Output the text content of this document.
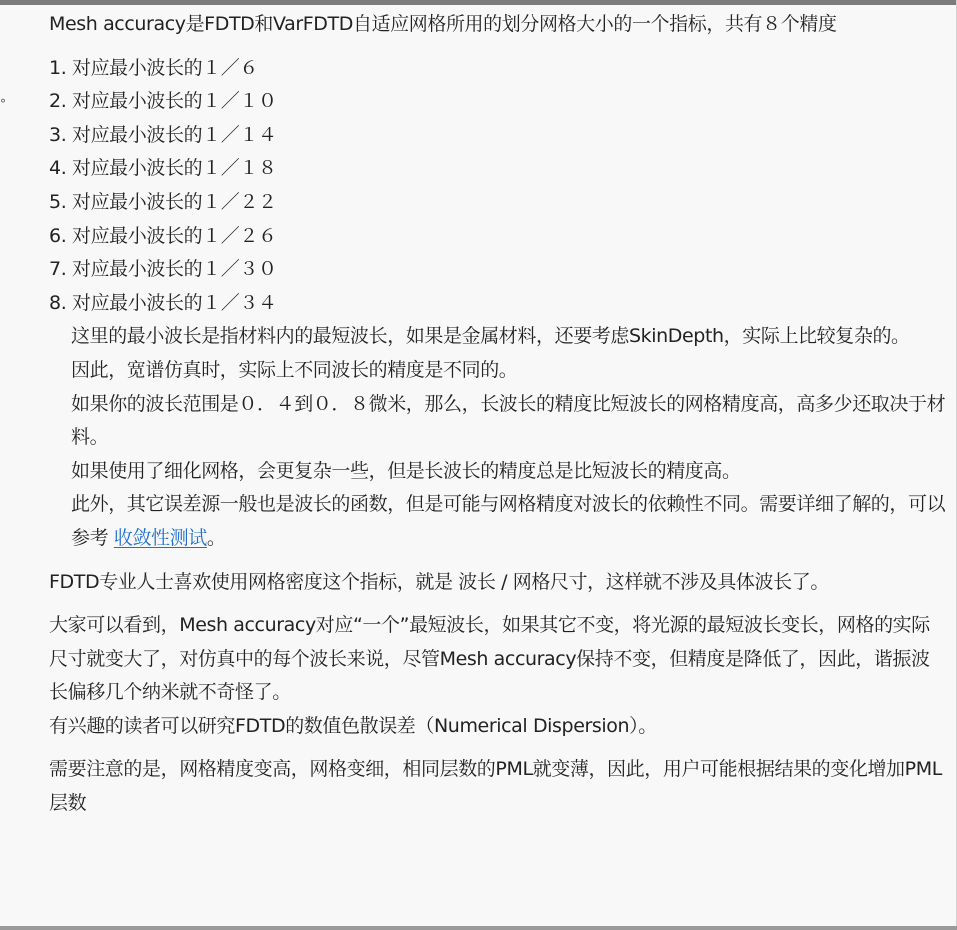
°

Mesh accuracy是FDTD和VarFDTD自适应网格所用的划分网格大小的一个指标，共有８个精度

1. 对应最小波长的１／６
2. 对应最小波长的１／１０
3. 对应最小波长的１／１４
4. 对应最小波长的１／１８
5. 对应最小波长的１／２２
6. 对应最小波长的１／２６
7. 对应最小波长的１／３０
8. 对应最小波长的１／３４

这里的最小波长是指材料内的最短波长，如果是金属材料，还要考虑SkinDepth，实际上比较复杂的。

因此，宽谱仿真时，实际上不同波长的精度是不同的。

如果你的波长范围是０．４到０．８微米，那么，长波长的精度比短波长的网格精度高，高多少还取决于材料。

如果使用了细化网格，会更复杂一些，但是长波长的精度总是比短波长的精度高。

此外，其它误差源一般也是波长的函数，但是可能与网格精度对波长的依赖性不同。需要详细了解的，可以参考 收敛性测试。

FDTD专业人士喜欢使用网格密度这个指标，就是 波长 / 网格尺寸，这样就不涉及具体波长了。

大家可以看到，Mesh accuracy对应“一个”最短波长，如果其它不变，将光源的最短波长变长，网格的实际尺寸就变大了，对仿真中的每个波长来说，尽管Mesh accuracy保持不变，但精度是降低了，因此，谐振波长偏移几个纳米就不奇怪了。

有兴趣的读者可以研究FDTD的数值色散误差（Numerical Dispersion）。

需要注意的是，网格精度变高，网格变细，相同层数的PML就变薄，因此，用户可能根据结果的变化增加PML层数
